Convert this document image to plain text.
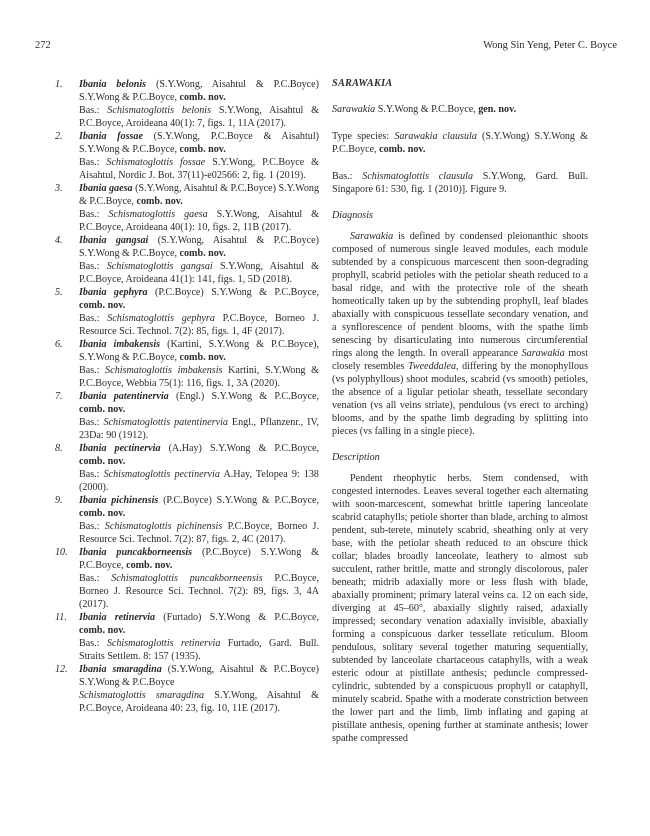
272	Wong Sin Yeng, Peter C. Boyce
1. Ibania belonis (S.Y.Wong, Aisahtul & P.C.Boyce) S.Y.Wong & P.C.Boyce, comb. nov.
Bas.: Schismatoglottis belonis S.Y.Wong, Aisahtul & P.C.Boyce, Aroideana 40(1): 7, figs. 1, 11A (2017).
2. Ibania fossae (S.Y.Wong, P.C.Boyce & Aisahtul) S.Y.Wong & P.C.Boyce, comb. nov.
Bas.: Schismatoglottis fossae S.Y.Wong, P.C.Boyce & Aisahtul, Nordic J. Bot. 37(11)-e02566: 2, fig. 1 (2019).
3. Ibania gaesa (S.Y.Wong, Aisahtul & P.C.Boyce) S.Y.Wong & P.C.Boyce, comb. nov.
Bas.: Schismatoglottis gaesa S.Y.Wong, Aisahtul & P.C.Boyce, Aroideana 40(1): 10, figs. 2, 11B (2017).
4. Ibania gangsai (S.Y.Wong, Aisahtul & P.C.Boyce) S.Y.Wong & P.C.Boyce, comb. nov.
Bas.: Schismatoglottis gangsai S.Y.Wong, Aisahtul & P.C.Boyce, Aroideana 41(1): 141, figs. 1, 5D (2018).
5. Ibania gephyra (P.C.Boyce) S.Y.Wong & P.C.Boyce, comb. nov.
Bas.: Schismatoglottis gephyra P.C.Boyce, Borneo J. Resource Sci. Technol. 7(2): 85, figs. 1, 4F (2017).
6. Ibania imbakensis (Kartini, S.Y.Wong & P.C.Boyce), S.Y.Wong & P.C.Boyce, comb. nov.
Bas.: Schismatoglottis imbakensis Kartini, S.Y.Wong & P.C.Boyce, Webbia 75(1): 116, figs. 1, 3A (2020).
7. Ibania patentinervia (Engl.) S.Y.Wong & P.C.Boyce, comb. nov.
Bas.: Schismatoglottis patentinervia Engl., Pflanzenr., IV, 23Da: 90 (1912).
8. Ibania pectinervia (A.Hay) S.Y.Wong & P.C.Boyce, comb. nov.
Bas.: Schismatoglottis pectinervia A.Hay, Telopea 9: 138 (2000).
9. Ibania pichinensis (P.C.Boyce) S.Y.Wong & P.C.Boyce, comb. nov.
Bas.: Schismatoglottis pichinensis P.C.Boyce, Borneo J. Resource Sci. Technol. 7(2): 87, figs. 2, 4C (2017).
10. Ibania puncakborneensis (P.C.Boyce) S.Y.Wong & P.C.Boyce, comb. nov.
Bas.: Schismatoglottis puncakborneensis P.C.Boyce, Borneo J. Resource Sci. Technol. 7(2): 89, figs. 3, 4A (2017).
11. Ibania retinervia (Furtado) S.Y.Wong & P.C.Boyce, comb. nov.
Bas.: Schismatoglottis retinervia Furtado, Gard. Bull. Straits Settlem. 8: 157 (1935).
12. Ibania smaragdina (S.Y.Wong, Aisahtul & P.C.Boyce) S.Y.Wong & P.C.Boyce
Schismatoglottis smaragdina S.Y.Wong, Aisahtul & P.C.Boyce, Aroideana 40: 23, fig. 10, 11E (2017).
SARAWAKIA
Sarawakia S.Y.Wong & P.C.Boyce, gen. nov.
Type species: Sarawakia clausula (S.Y.Wong) S.Y.Wong & P.C.Boyce, comb. nov.
Bas.: Schismatoglottis clausula S.Y.Wong, Gard. Bull. Singapore 61: 530, fig. 1 (2010)]. Figure 9.
Diagnosis
Sarawakia is defined by condensed pleionanthic shoots composed of numerous single leaved modules, each module subtended by a conspicuous marcescent then soon-degrading prophyll, scabrid petioles with the petiolar sheath reduced to a basal ridge, and with the protective role of the sheath homeotically taken up by the subtending prophyll, leaf blades abaxially with conspicuous tessellate secondary venation, and a synflorescence of pendent blooms, with the spathe limb senescing by disarticulating into numerous circumferential rings along the length. In overall appearance Sarawakia most closely resembles Tweeddalea, differing by the monophyllous (vs polyphyllous) shoot modules, scabrid (vs smooth) petioles, the absence of a ligular petiolar sheath, tessellate secondary venation (vs all veins striate), pendulous (vs erect to arching) blooms, and by the spathe limb degrading by splitting into pieces (vs falling in a single piece).
Description
Pendent rheophytic herbs. Stem condensed, with congested internodes. Leaves several together each alternating with soon-marcescent, somewhat brittle tapering lanceolate scabrid cataphylls; petiole shorter than blade, arching to almost pendent, sub-terete, minutely scabrid, sheathing only at very base, with the petiolar sheath reduced to an obscure thick collar; blades broadly lanceolate, leathery to almost sub succulent, rather brittle, matte and strongly discolorous, paler beneath; midrib adaxially more or less flush with blade, abaxially prominent; primary lateral veins ca. 12 on each side, diverging at 45–60°, abaxially slightly raised, adaxially impressed; secondary venation adaxially invisible, abaxially forming a conspicuous darker tessellate reticulum. Bloom pendulous, solitary several together maturing sequentially, subtended by lanceolate chartaceous cataphylls, with a weak esteric odour at pistillate anthesis; peduncle compressed-cylindric, subtended by a conspicuous prophyll or cataphyll, minutely scabrid. Spathe with a moderate constriction between the lower part and the limb, limb inflating and gaping at pistillate anthesis, opening further at staminate anthesis; lower spathe compressed
